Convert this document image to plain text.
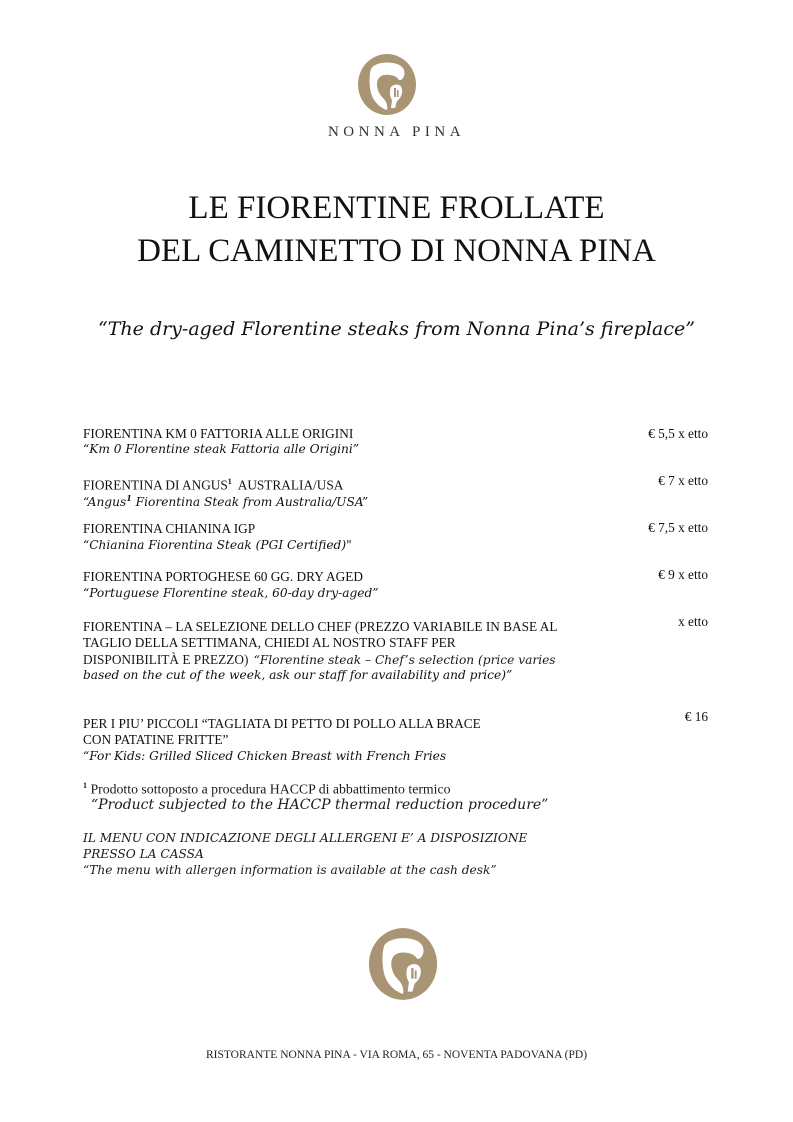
NONNA PINA
LE FIORENTINE FROLLATE
DEL CAMINETTO DI NONNA PINA
“The dry-aged Florentine steaks from Nonna Pina’s fireplace”
FIORENTINA KM 0 FATTORIA ALLE ORIGINI
“Km 0 Florentine steak Fattoria alle Origini”
€ 5,5 x etto
FIORENTINA DI ANGUS$^1$  AUSTRALIA/USA
“Angus$^1$ Fiorentina Steak from Australia/USA”
€ 7 x etto
FIORENTINA CHIANINA IGP
“Chianina Fiorentina Steak (PGI Certified)"
€ 7,5 x etto
FIORENTINA PORTOGHESE 60 GG. DRY AGED
“Portuguese Florentine steak, 60-day dry-aged”
€ 9 x etto
FIORENTINA – LA SELEZIONE DELLO CHEF (PREZZO VARIABILE IN BASE AL
TAGLIO DELLA SETTIMANA, CHIEDI AL NOSTRO STAFF PER
DISPONIBILITÀ E PREZZO) “Florentine steak – Chef’s selection (price varies
based on the cut of the week, ask our staff for availability and price)”
x etto
PER I PIU’ PICCOLI “TAGLIATA DI PETTO DI POLLO ALLA BRACE
CON PATATINE FRITTE”
“For Kids: Grilled Sliced Chicken Breast with French Fries
€ 16
$^1$ Prodotto sottoposto a procedura HACCP di abbattimento termico
“Product subjected to the HACCP thermal reduction procedure”
IL MENU CON INDICAZIONE DEGLI ALLERGENI E’ A DISPOSIZIONE
PRESSO LA CASSA
“The menu with allergen information is available at the cash desk”
RISTORANTE NONNA PINA - VIA ROMA, 65 - NOVENTA PADOVANA (PD)
